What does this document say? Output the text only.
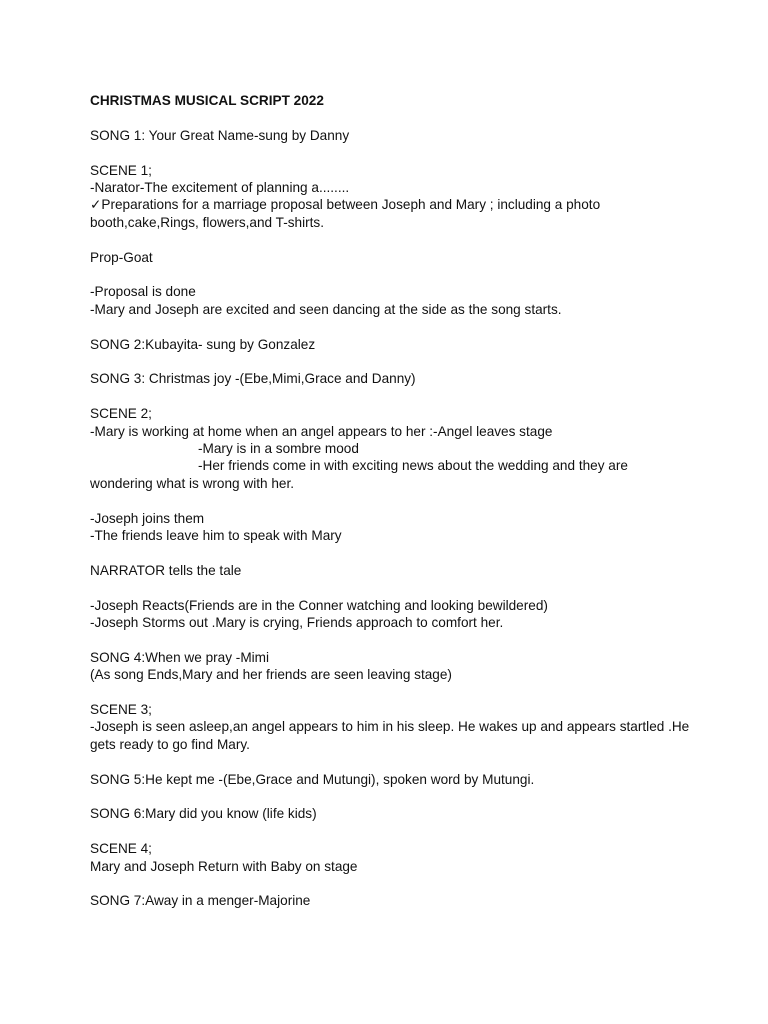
CHRISTMAS MUSICAL SCRIPT 2022
SONG 1: Your Great Name-sung by Danny
SCENE 1;
-Narator-The excitement of planning a........
✓Preparations for a marriage proposal between Joseph and Mary ; including a photo booth,cake,Rings, flowers,and T-shirts.
Prop-Goat
-Proposal is done
-Mary and Joseph are excited and seen dancing at the side as the song starts.
SONG 2:Kubayita- sung by Gonzalez
SONG 3: Christmas joy -(Ebe,Mimi,Grace and Danny)
SCENE 2;
-Mary is working at home when an angel appears to her :-Angel leaves stage
-Mary is in a sombre mood
-Her friends come in with exciting news about the wedding and they are
wondering what is wrong with her.
-Joseph joins them
-The friends leave him to speak with Mary
NARRATOR tells the tale
-Joseph Reacts(Friends are in the Conner watching and looking bewildered)
-Joseph Storms out .Mary is crying, Friends approach to comfort her.
SONG 4:When we pray -Mimi
(As song Ends,Mary and her friends are seen leaving stage)
SCENE 3;
-Joseph is seen asleep,an angel appears to him in his sleep. He wakes up and appears startled .He gets ready to go find Mary.
SONG 5:He kept me -(Ebe,Grace and Mutungi), spoken word by Mutungi.
SONG 6:Mary did you know (life kids)
SCENE 4;
Mary and Joseph Return with Baby on stage
SONG 7:Away in a menger-Majorine
